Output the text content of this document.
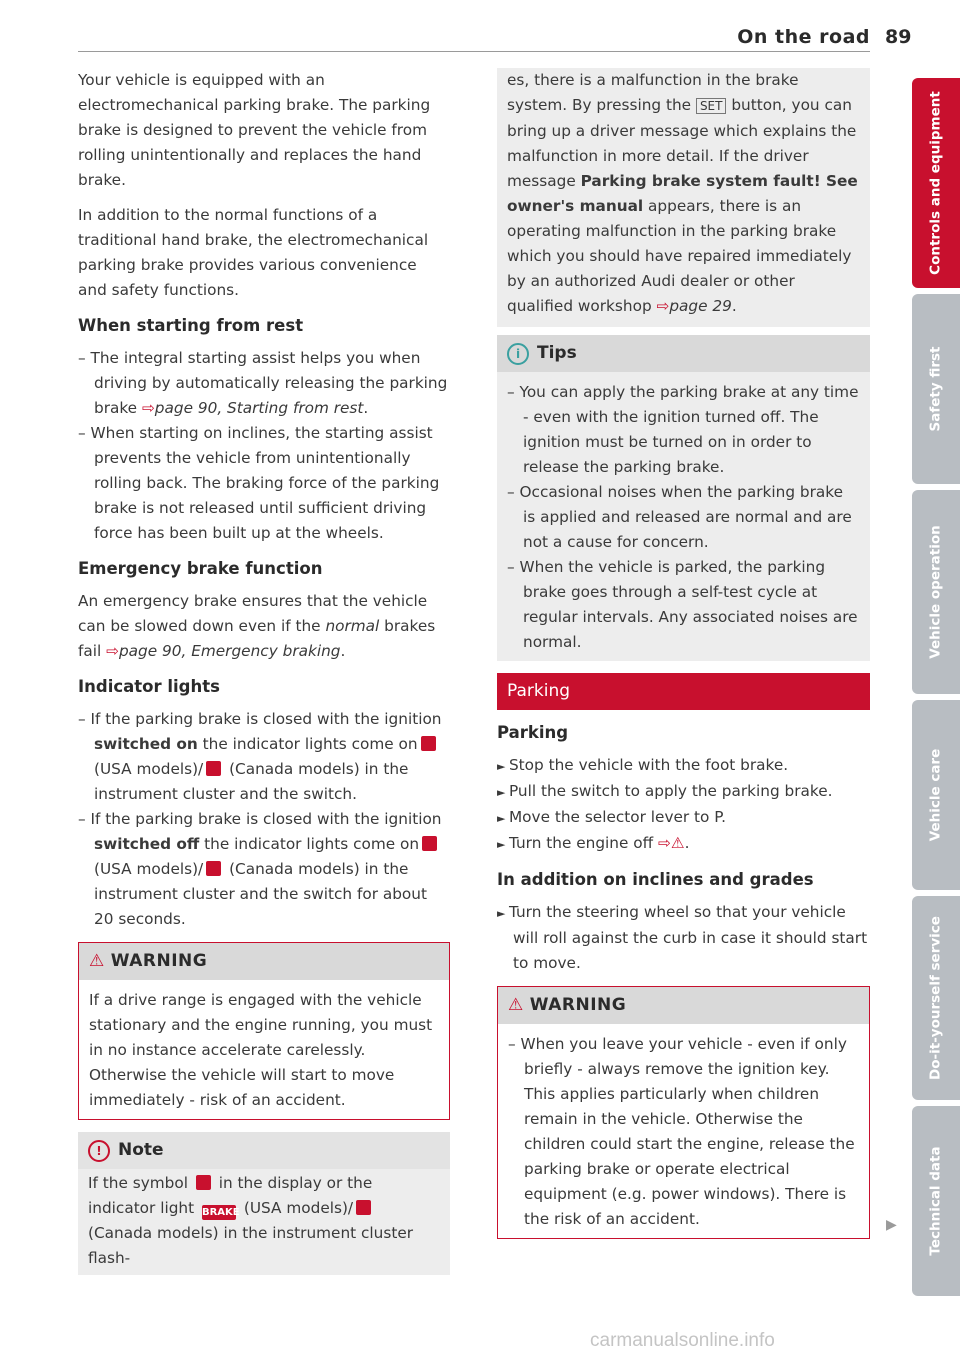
On the road 89

Your vehicle is equipped with an electromechanical parking brake. The parking brake is designed to prevent the vehicle from rolling unintentionally and replaces the hand brake.

In addition to the normal functions of a traditional hand brake, the electromechanical parking brake provides various convenience and safety functions.

When starting from rest
– The integral starting assist helps you when driving by automatically releasing the parking brake ⇨page 90, Starting from rest.
– When starting on inclines, the starting assist prevents the vehicle from unintentionally rolling back. The braking force of the parking brake is not released until sufficient driving force has been built up at the wheels.
Emergency brake function

An emergency brake ensures that the vehicle can be slowed down even if the normal brakes fail ⇨page 90, Emergency braking.

Indicator lights
– If the parking brake is closed with the ignition switched on the indicator lights come on(USA models)/ (Canada models) in the instrument cluster and the switch.
– If the parking brake is closed with the ignition switched off the indicator lights come on(USA models)/ (Canada models) in the instrument cluster and the switch for about 20 seconds.
⚠ WARNING
If a drive range is engaged with the vehicle stationary and the engine running, you must in no instance accelerate carelessly. Otherwise the vehicle will start to move immediately - risk of an accident.
! Note
If the symbol in the display or the indicator light BRAKE (USA models)/ (Canada models) in the instrument cluster flash-
es, there is a malfunction in the brake system. By pressing the SET button, you can bring up a driver message which explains the malfunction in more detail. If the driver message Parking brake system fault! See owner's manual appears, there is an operating malfunction in the parking brake which you should have repaired immediately by an authorized Audi dealer or other qualified workshop ⇨page 29.
i Tips
– You can apply the parking brake at any time - even with the ignition turned off. The ignition must be turned on in order to release the parking brake.
– Occasional noises when the parking brake is applied and released are normal and are not a cause for concern.
– When the vehicle is parked, the parking brake goes through a self-test cycle at regular intervals. Any associated noises are normal.
Parking
Parking
► Stop the vehicle with the foot brake.
► Pull the switch to apply the parking brake.
► Move the selector lever to P.
► Turn the engine off ⇨⚠.
In addition on inclines and grades
► Turn the steering wheel so that your vehicle will roll against the curb in case it should start to move.
⚠ WARNING
– When you leave your vehicle - even if only briefly - always remove the ignition key. This applies particularly when children remain in the vehicle. Otherwise the children could start the engine, release the parking brake or operate electrical equipment (e.g. power windows). There is the risk of an accident.	▶
Controls and equipment
Safety first
Vehicle operation
Vehicle care
Do-it-yourself service
Technical data
carmanualsonline.info
